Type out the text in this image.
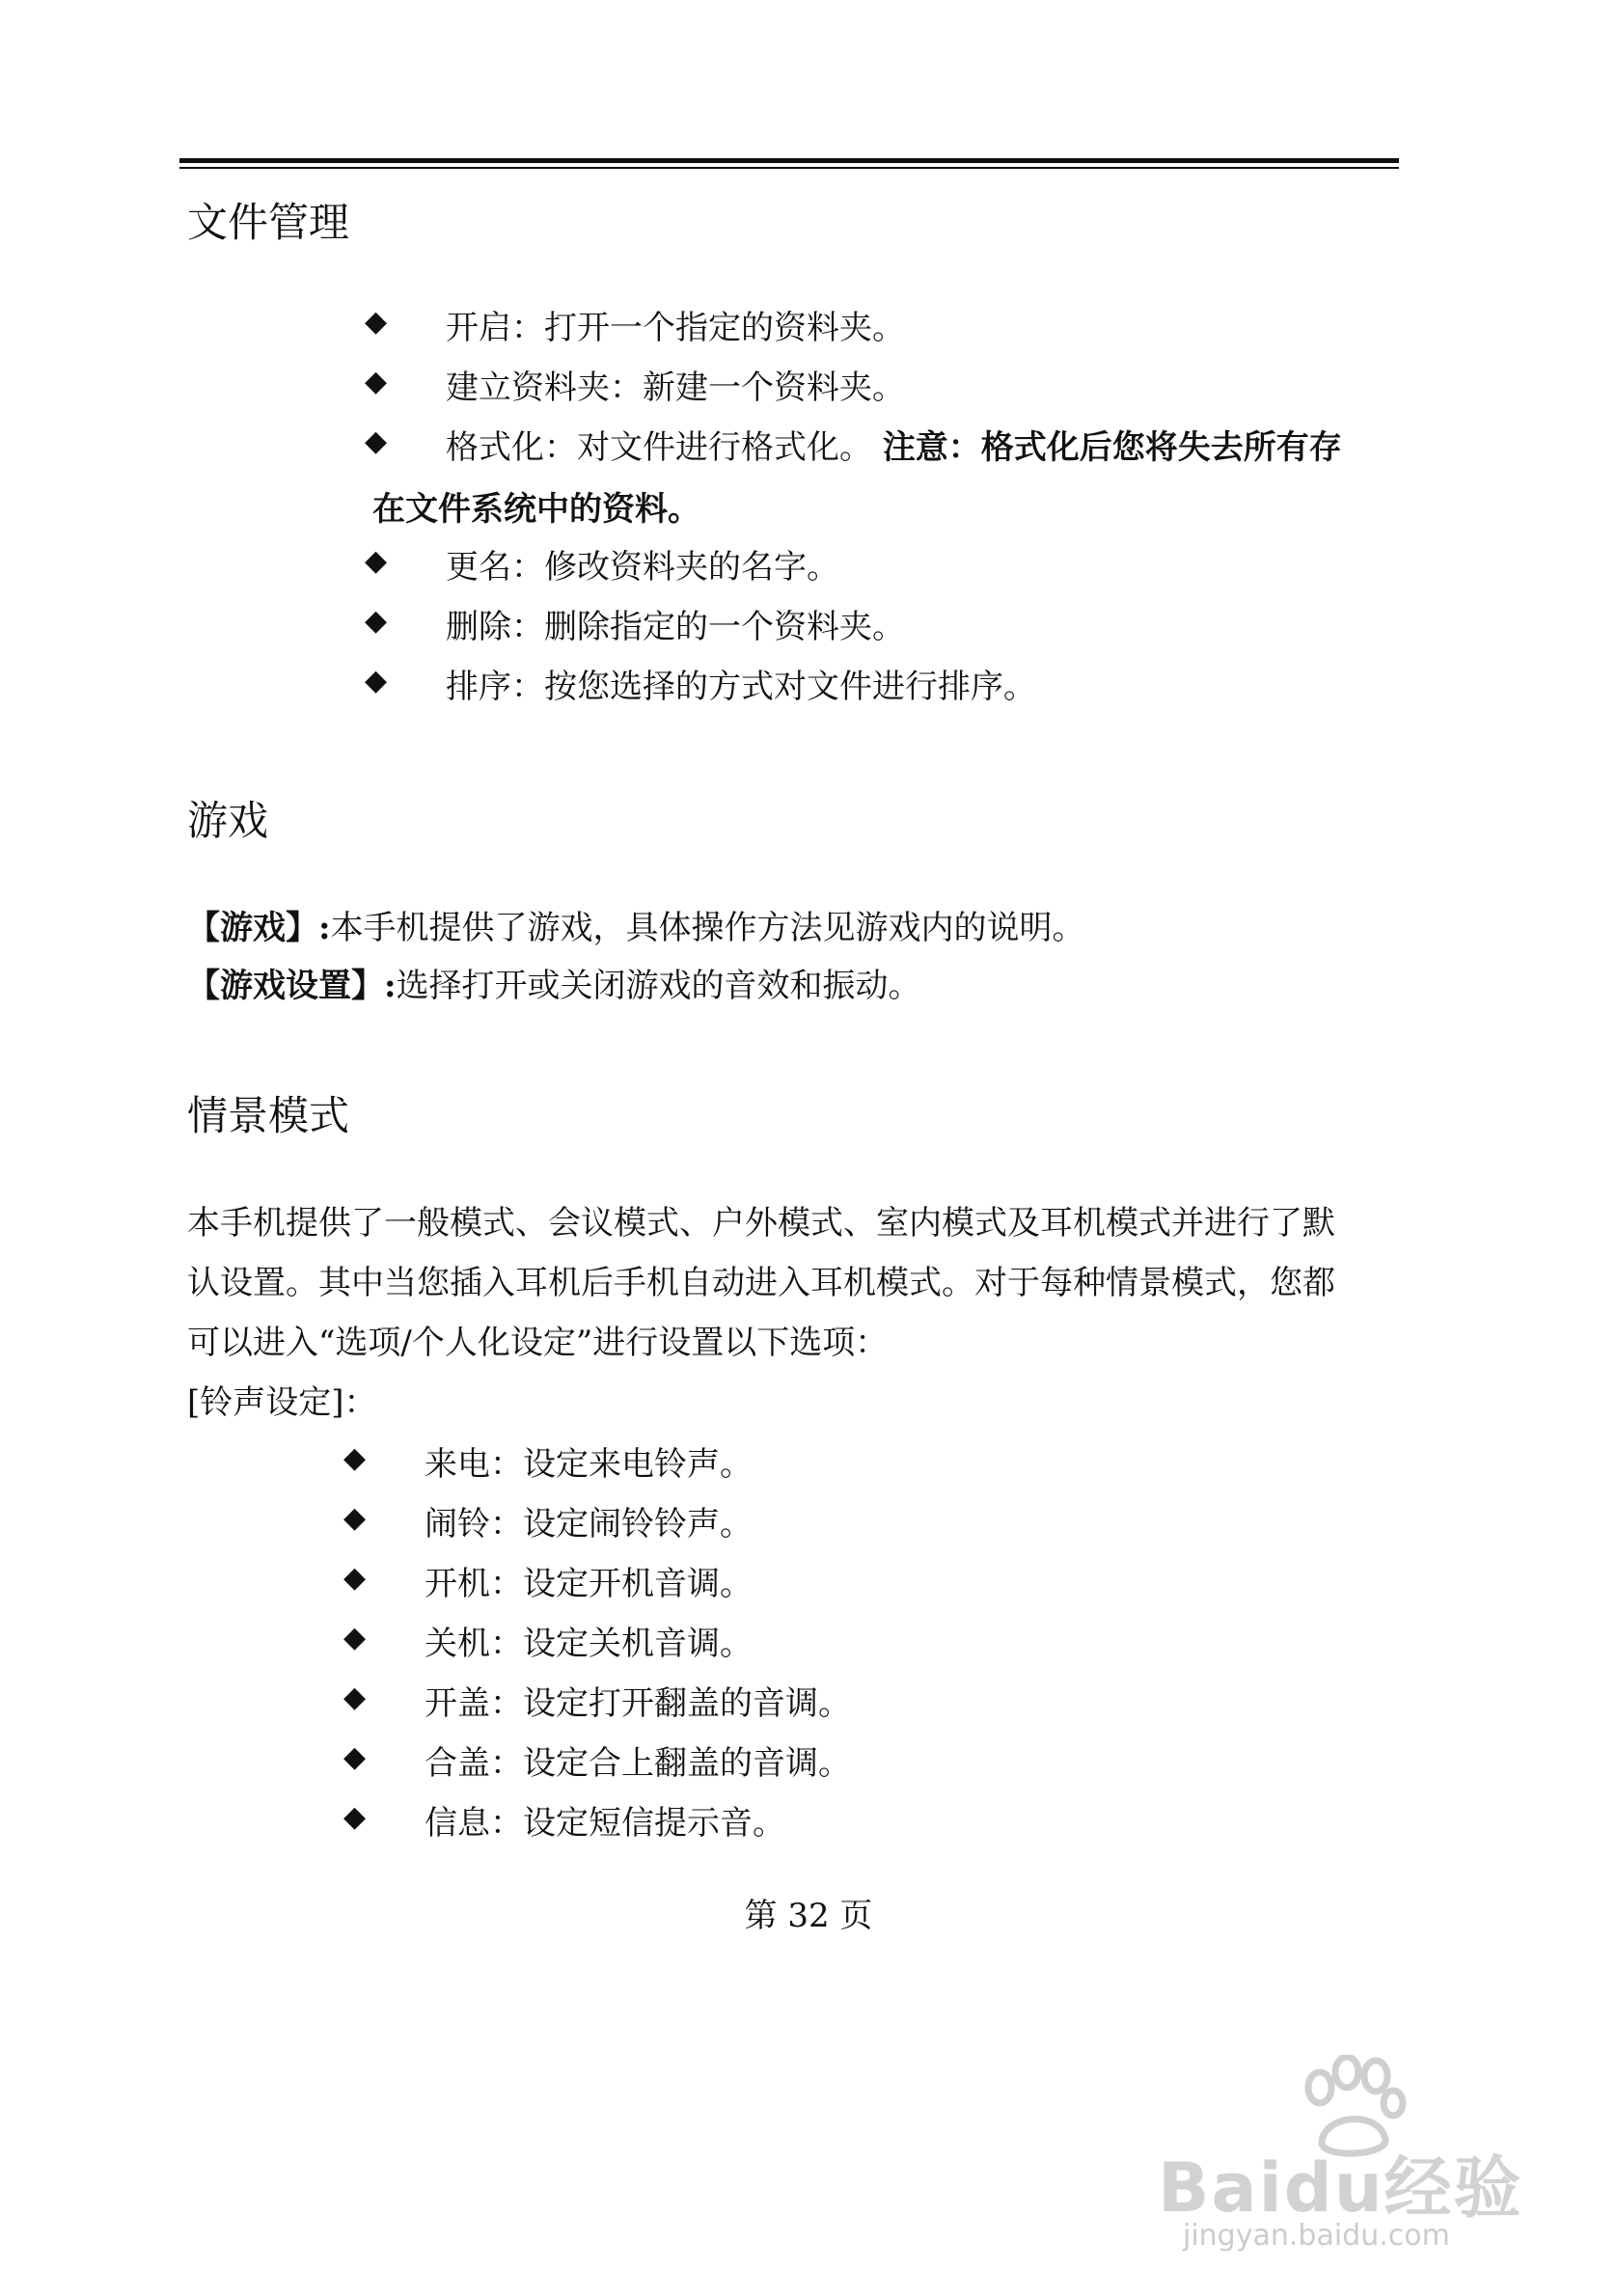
文件管理
◆ 开启：打开一个指定的资料夹。
◆ 建立资料夹：新建一个资料夹。
◆ 格式化：对文件进行格式化。 注意：格式化后您将失去所有存
在文件系统中的资料。
◆ 更名：修改资料夹的名字。
◆ 删除：删除指定的一个资料夹。
◆ 排序：按您选择的方式对文件进行排序。
游戏
【游戏】:本手机提供了游戏，具体操作方法见游戏内的说明。
【游戏设置】:选择打开或关闭游戏的音效和振动。
情景模式
本手机提供了一般模式、会议模式、户外模式、室内模式及耳机模式并进行了默
认设置。其中当您插入耳机后手机自动进入耳机模式。对于每种情景模式，您都
可以进入“选项/个人化设定”进行设置以下选项：
[铃声设定]：
◆ 来电：设定来电铃声。
◆ 闹铃：设定闹铃铃声。
◆ 开机：设定开机音调。
◆ 关机：设定关机音调。
◆ 开盖：设定打开翻盖的音调。
◆ 合盖：设定合上翻盖的音调。
◆ 信息：设定短信提示音。
第 32 页
Baidu经验
jingyan.baidu.com
